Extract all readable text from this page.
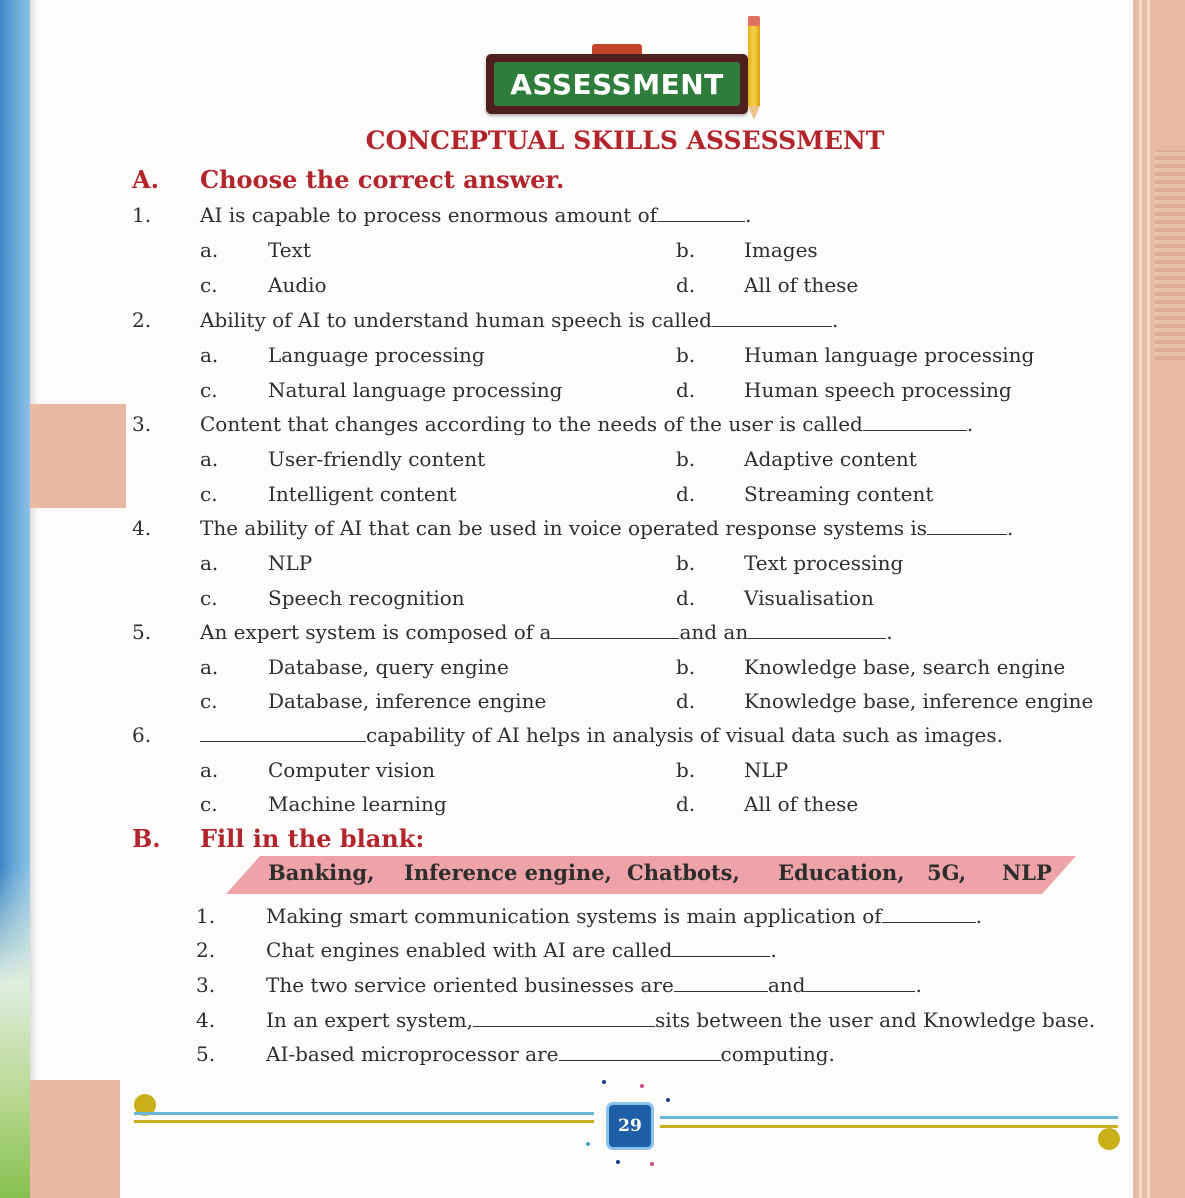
ASSESSMENT
CONCEPTUAL SKILLS ASSESSMENT
A. Choose the correct answer.
1. AI is capable to process enormous amount of	.
a. Text	b. Images
c.	Audio	d. All of these
2. Ability of AI to understand human speech is called	.
a. Language processing	b. Human language processing
c.	Natural language processing	d. Human speech processing
3. Content that changes according to the needs of the user is called	.
a. User-friendly content	b. Adaptive content
c.	Intelligent content	d. Streaming content
4. The ability of AI that can be used in voice operated response systems is	.
a. NLP	b. Text processing
c.	Speech recognition	d. Visualisation
5. An expert system is composed of a	and an	.
a. Database, query engine	b. Knowledge base, search engine
c.	Database, inference engine	d. Knowledge base, inference engine
6.	capability of AI helps in analysis of visual data such as images.
a. Computer vision	b. NLP
c.	Machine learning	d. All of these
B. Fill in the blank:
Banking, Inference engine, Chatbots, Education, 5G, NLP
1.	Making smart communication systems is main application of	.
2.	Chat engines enabled with AI are called	.
3.	The two service oriented businesses are	and	.
4.	In an expert system,	sits between the user and Knowledge base.
5.	AI-based microprocessor are	computing.
29
